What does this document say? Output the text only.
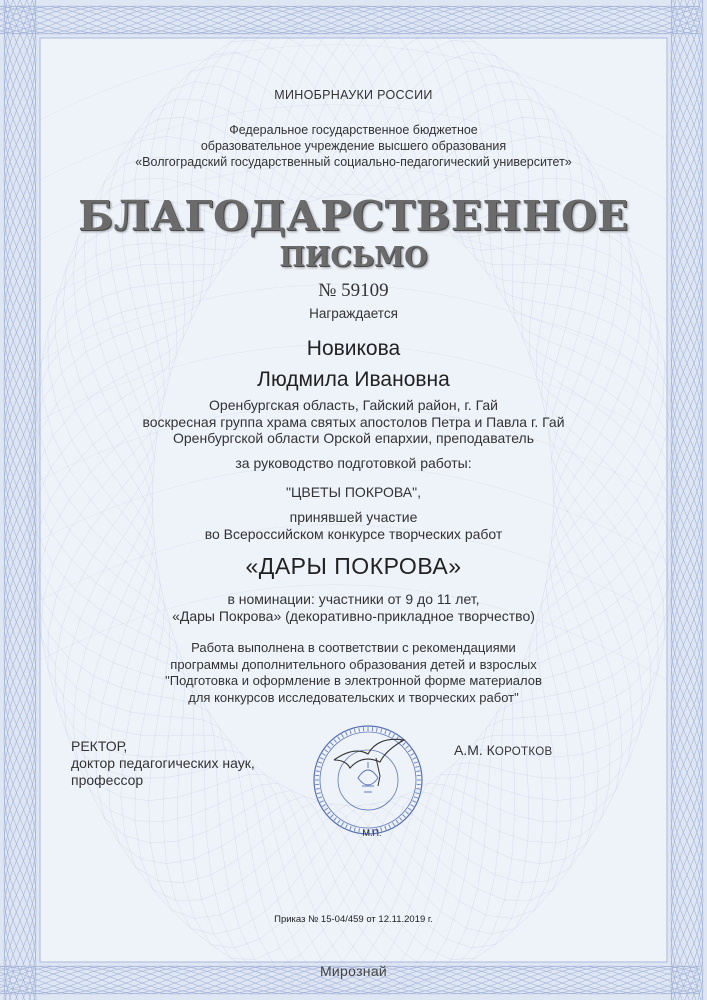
МИНОБРНАУКИ РОССИИ
Федеральное государственное бюджетное
образовательное учреждение высшего образования
«Волгоградский государственный социально-педагогический университет»
БЛАГОДАРСТВЕННОЕ
ПИСЬМО
№ 59109
Награждается
Новикова
Людмила Ивановна
Оренбургская область, Гайский район, г. Гай
воскресная группа храма святых апостолов Петра и Павла г. Гай
Оренбургской области Орской епархии, преподаватель
за руководство подготовкой работы:
"ЦВЕТЫ ПОКРОВА",
принявшей участие
во Всероссийском конкурсе творческих работ
«ДАРЫ ПОКРОВА»
в номинации: участники от 9 до 11 лет,
«Дары Покрова» (декоративно-прикладное творчество)
Работа выполнена в соответствии с рекомендациями
программы дополнительного образования детей и взрослых
"Подготовка и оформление в электронной форме материалов
для конкурсов исследовательских и творческих работ"
РЕКТОР,
доктор педагогических наук,
профессор
М.П.
А.М. КОРОТКОВ
Приказ № 15-04/459 от 12.11.2019 г.
Мирознай
